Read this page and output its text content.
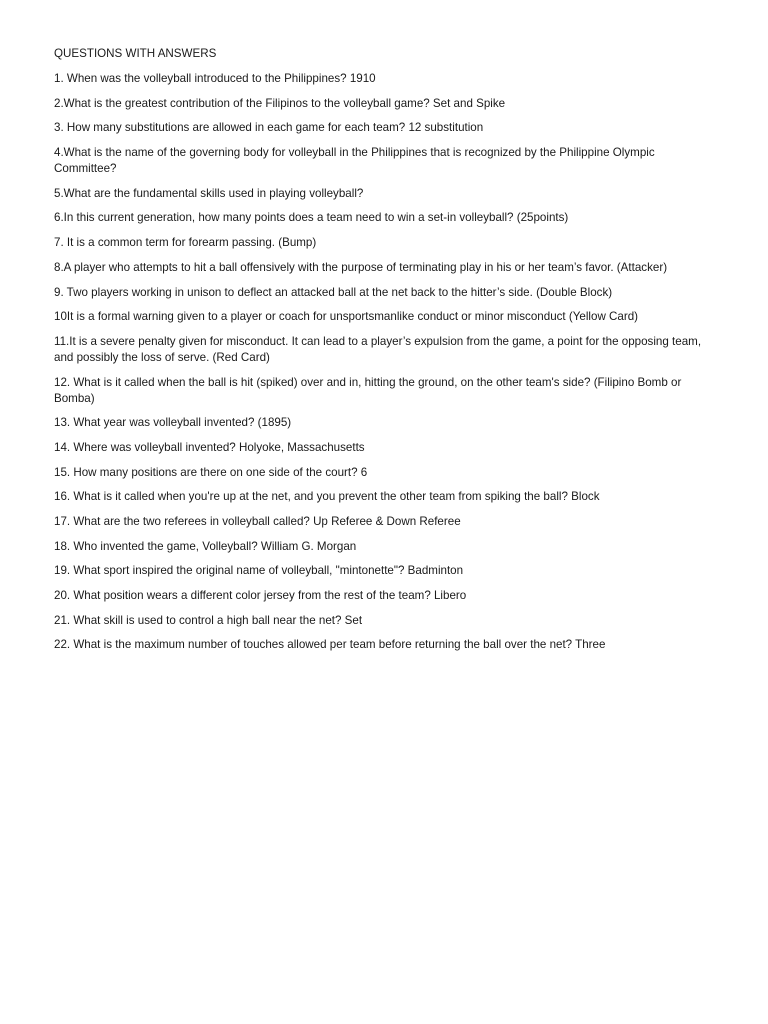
QUESTIONS WITH ANSWERS
1. When was the volleyball introduced to the Philippines? 1910
2.What is the greatest contribution of the Filipinos to the volleyball game? Set and Spike
3. How many substitutions are allowed in each game for each team? 12 substitution
4.What is the name of the governing body for volleyball in the Philippines that is recognized by the Philippine Olympic Committee?
5.What are the fundamental skills used in playing volleyball?
6.In this current generation, how many points does a team need to win a set-in volleyball? (25points)
7. It is a common term for forearm passing. (Bump)
8.A player who attempts to hit a ball offensively with the purpose of terminating play in his or her team’s favor. (Attacker)
9. Two players working in unison to deflect an attacked ball at the net back to the hitter’s side. (Double Block)
10It is a formal warning given to a player or coach for unsportsmanlike conduct or minor misconduct (Yellow Card)
11.It is a severe penalty given for misconduct. It can lead to a player’s expulsion from the game, a point for the opposing team, and possibly the loss of serve. (Red Card)
12. What is it called when the ball is hit (spiked) over and in, hitting the ground, on the other team's side? (Filipino Bomb or Bomba)
13. What year was volleyball invented? (1895)
14. Where was volleyball invented? Holyoke, Massachusetts
15. How many positions are there on one side of the court? 6
16. What is it called when you're up at the net, and you prevent the other team from spiking the ball? Block
17. What are the two referees in volleyball called? Up Referee & Down Referee
18. Who invented the game, Volleyball? William G. Morgan
19. What sport inspired the original name of volleyball, "mintonette"? Badminton
20. What position wears a different color jersey from the rest of the team? Libero
21. What skill is used to control a high ball near the net? Set
22. What is the maximum number of touches allowed per team before returning the ball over the net? Three
